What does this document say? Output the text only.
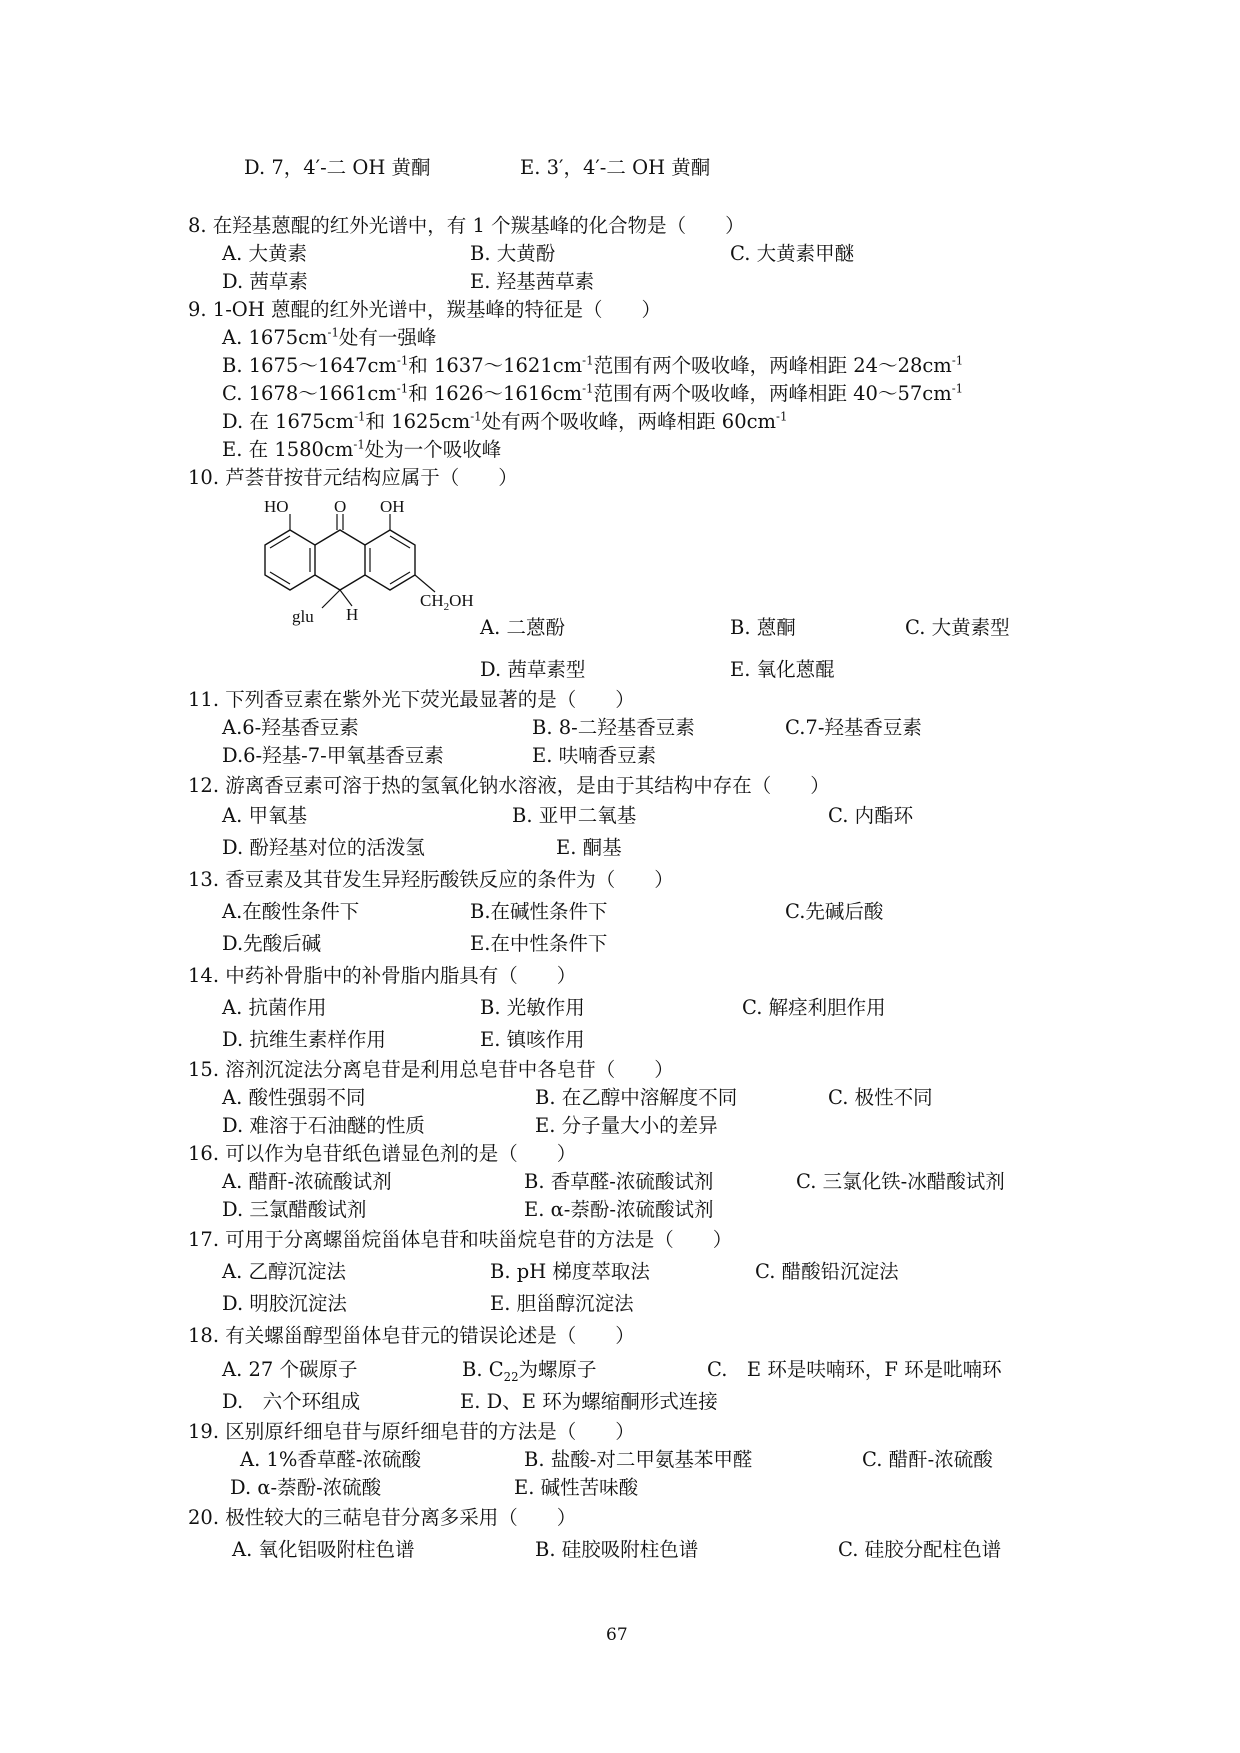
D. 7，4′-二 OH 黄酮	E. 3′，4′-二 OH 黄酮
8. 在羟基蒽醌的红外光谱中，有 1 个羰基峰的化合物是（　　）
A. 大黄素	B. 大黄酚	C. 大黄素甲醚
D. 茜草素	E. 羟基茜草素
9. 1-OH 蒽醌的红外光谱中，羰基峰的特征是（　　）
A. $1675cm^{-1}$处有一强峰
B. $1675\sim 1647cm^{-1}$和 $1637\sim 1621cm^{-1}$范围有两个吸收峰，两峰相距 $24\sim 28cm^{-1}$
C. $1678\sim 1661cm^{-1}$和 $1626\sim 1616cm^{-1}$范围有两个吸收峰，两峰相距 $40\sim 57cm^{-1}$
D. 在 $1675cm^{-1}$和 $1625cm^{-1}$处有两个吸收峰，两峰相距 $60cm^{-1}$
E. 在 $1580cm^{-1}$处为一个吸收峰
10. 芦荟苷按苷元结构应属于（　　）
HO	O OH
$CH_2OH$
glu H
A. 二蒽酚	B. 蒽酮	C. 大黄素型
D. 茜草素型	E. 氧化蒽醌
11. 下列香豆素在紫外光下荧光最显著的是（　　）
A.6-羟基香豆素	B. 8-二羟基香豆素	C.7-羟基香豆素
D.6-羟基-7-甲氧基香豆素	E. 呋喃香豆素
12. 游离香豆素可溶于热的氢氧化钠水溶液，是由于其结构中存在（　　）
A. 甲氧基	B. 亚甲二氧基	C. 内酯环
D. 酚羟基对位的活泼氢	E. 酮基
13. 香豆素及其苷发生异羟肟酸铁反应的条件为（　　）
A.在酸性条件下	B.在碱性条件下	C.先碱后酸
D.先酸后碱	E.在中性条件下
14. 中药补骨脂中的补骨脂内脂具有（　　）
A. 抗菌作用	B. 光敏作用	C. 解痉利胆作用
D. 抗维生素样作用	E. 镇咳作用
15. 溶剂沉淀法分离皂苷是利用总皂苷中各皂苷（　　）
A. 酸性强弱不同	B. 在乙醇中溶解度不同	C. 极性不同
D. 难溶于石油醚的性质	E. 分子量大小的差异
16. 可以作为皂苷纸色谱显色剂的是（　　）
A. 醋酐-浓硫酸试剂	B. 香草醛-浓硫酸试剂	C. 三氯化铁-冰醋酸试剂
D. 三氯醋酸试剂	E. α-萘酚-浓硫酸试剂
17. 可用于分离螺甾烷甾体皂苷和呋甾烷皂苷的方法是（　　）
A. 乙醇沉淀法	B. pH 梯度萃取法	C. 醋酸铅沉淀法
D. 明胶沉淀法	E. 胆甾醇沉淀法
18. 有关螺甾醇型甾体皂苷元的错误论述是（　　）
A. 27 个碳原子	B. $C_{22}$为螺原子	C.　E 环是呋喃环，F 环是吡喃环
D.　六个环组成	E. D、E 环为螺缩酮形式连接
19. 区别原纤细皂苷与原纤细皂苷的方法是（　　）
A. 1%香草醛-浓硫酸	B. 盐酸-对二甲氨基苯甲醛	C. 醋酐-浓硫酸
D. α-萘酚-浓硫酸	E. 碱性苦味酸
20. 极性较大的三萜皂苷分离多采用（　　）
A. 氧化铝吸附柱色谱	B. 硅胶吸附柱色谱	C. 硅胶分配柱色谱
67
